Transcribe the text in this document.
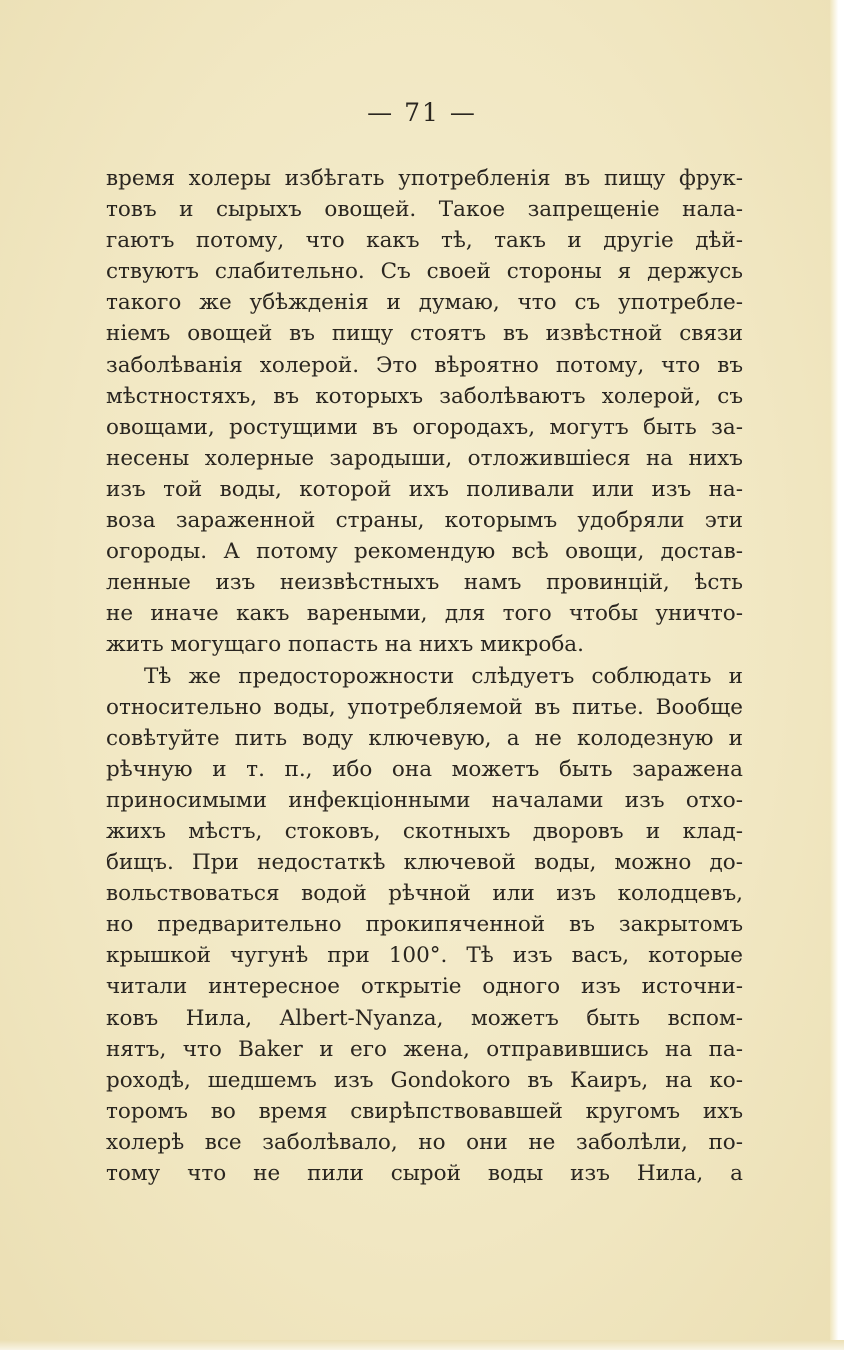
— 71 —
время холеры избѣгать употребленія въ пищу фрук-
товъ и сырыхъ овощей. Такое запрещеніе нала-
гаютъ потому, что какъ тѣ, такъ и другіе дѣй-
ствуютъ слабительно. Съ своей стороны я держусь
такого же убѣжденія и думаю, что съ употребле-
ніемъ овощей въ пищу стоятъ въ извѣстной связи
заболѣванія холерой. Это вѣроятно потому, что въ
мѣстностяхъ, въ которыхъ заболѣваютъ холерой, съ
овощами, ростущими въ огородахъ, могутъ быть за-
несены холерные зародыши, отложившіеся на нихъ
изъ той воды, которой ихъ поливали или изъ на-
воза зараженной страны, которымъ удобряли эти
огороды. А потому рекомендую всѣ овощи, достав-
ленные изъ неизвѣстныхъ намъ провинцій, ѣсть
не иначе какъ вареными, для того чтобы уничто-
жить могущаго попасть на нихъ микроба.
Тѣ же предосторожности слѣдуетъ соблюдать и
относительно воды, употребляемой въ питье. Вообще
совѣтуйте пить воду ключевую, а не колодезную и
рѣчную и т. п., ибо она можетъ быть заражена
приносимыми инфекціонными началами изъ отхо-
жихъ мѣстъ, стоковъ, скотныхъ дворовъ и клад-
бищъ. При недостаткѣ ключевой воды, можно до-
вольствоваться водой рѣчной или изъ колодцевъ,
но предварительно прокипяченной въ закрытомъ
крышкой чугунѣ при 100°. Тѣ изъ васъ, которые
читали интересное открытіе одного изъ источни-
ковъ Нила, Albert-Nyanza, можетъ быть вспом-
нятъ, что Baker и его жена, отправившись на па-
роходѣ, шедшемъ изъ Gondokoro въ Каиръ, на ко-
торомъ во время свирѣпствовавшей кругомъ ихъ
холерѣ все заболѣвало, но они не заболѣли, по-
тому что не пили сырой воды изъ Нила, а
